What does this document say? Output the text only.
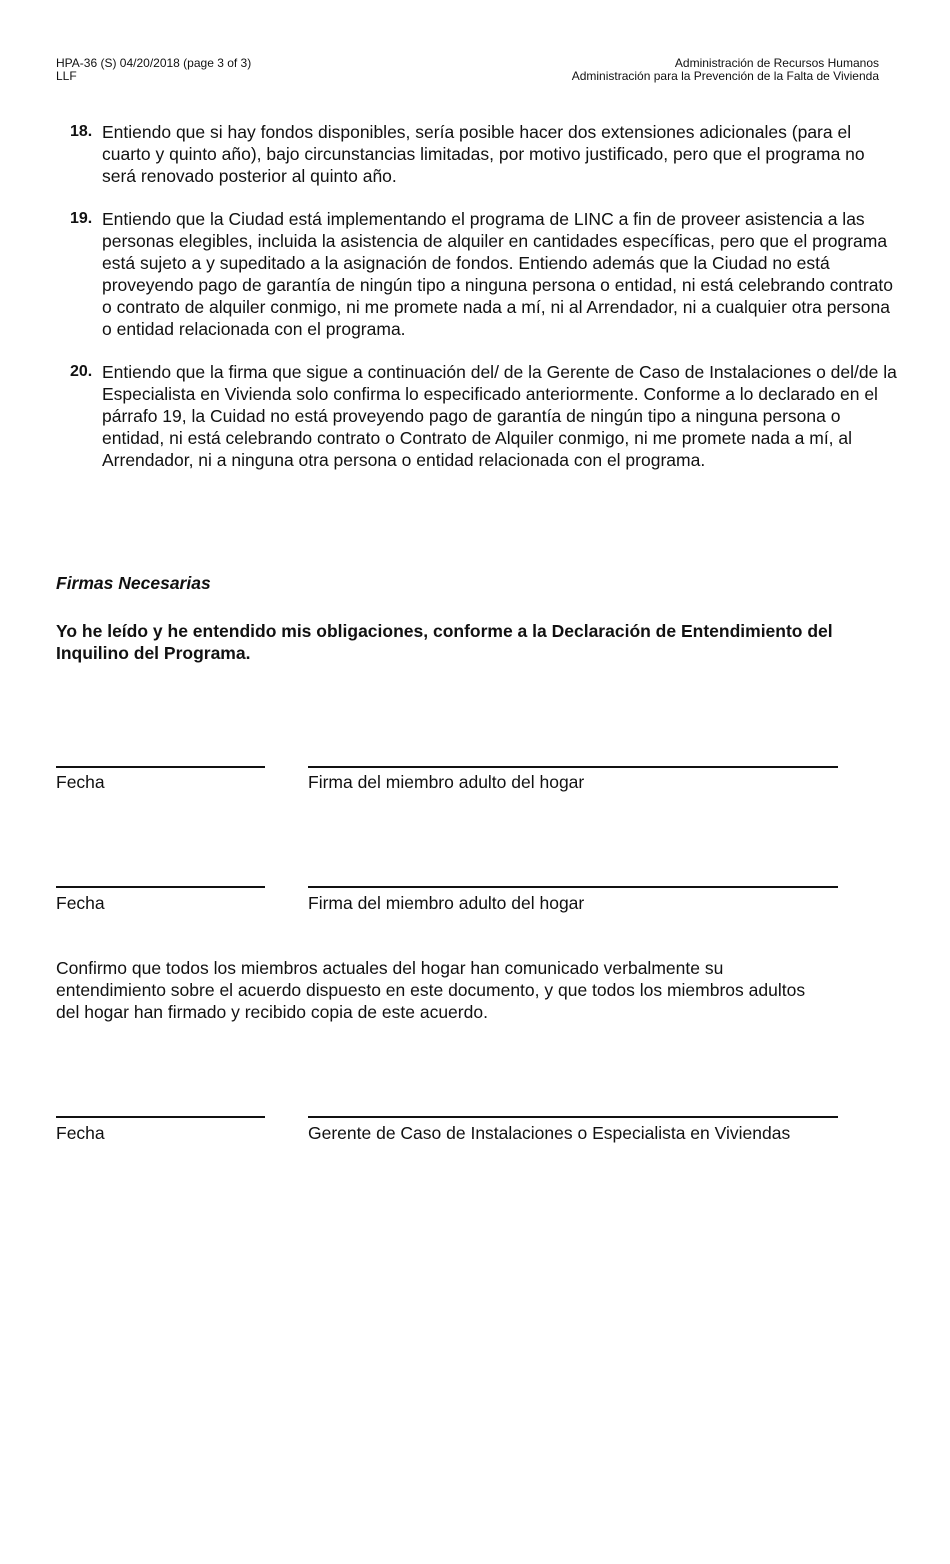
HPA-36 (S) 04/20/2018 (page 3 of 3)
LLF
Administración de Recursos Humanos
Administración para la Prevención de la Falta de Vivienda
18. Entiendo que si hay fondos disponibles, sería posible hacer dos extensiones adicionales (para el cuarto y quinto año), bajo circunstancias limitadas, por motivo justificado, pero que el programa no será renovado posterior al quinto año.
19. Entiendo que la Ciudad está implementando el programa de LINC a fin de proveer asistencia a las personas elegibles, incluida la asistencia de alquiler en cantidades específicas, pero que el programa está sujeto a y supeditado a la asignación de fondos. Entiendo además que la Ciudad no está proveyendo pago de garantía de ningún tipo a ninguna persona o entidad, ni está celebrando contrato o contrato de alquiler conmigo, ni me promete nada a mí, ni al Arrendador, ni a cualquier otra persona o entidad relacionada con el programa.
20. Entiendo que la firma que sigue a continuación del/ de la Gerente de Caso de Instalaciones o del/de la Especialista en Vivienda solo confirma lo especificado anteriormente. Conforme a lo declarado en el párrafo 19, la Cuidad no está proveyendo pago de garantía de ningún tipo a ninguna persona o entidad, ni está celebrando contrato o Contrato de Alquiler conmigo, ni me promete nada a mí, al Arrendador, ni a ninguna otra persona o entidad relacionada con el programa.
Firmas Necesarias
Yo he leído y he entendido mis obligaciones, conforme a la Declaración de Entendimiento del Inquilino del Programa.
Fecha	Firma del miembro adulto del hogar
Fecha	Firma del miembro adulto del hogar
Confirmo que todos los miembros actuales del hogar han comunicado verbalmente su entendimiento sobre el acuerdo dispuesto en este documento, y que todos los miembros adultos del hogar han firmado y recibido copia de este acuerdo.
Fecha	Gerente de Caso de Instalaciones o Especialista en Viviendas
